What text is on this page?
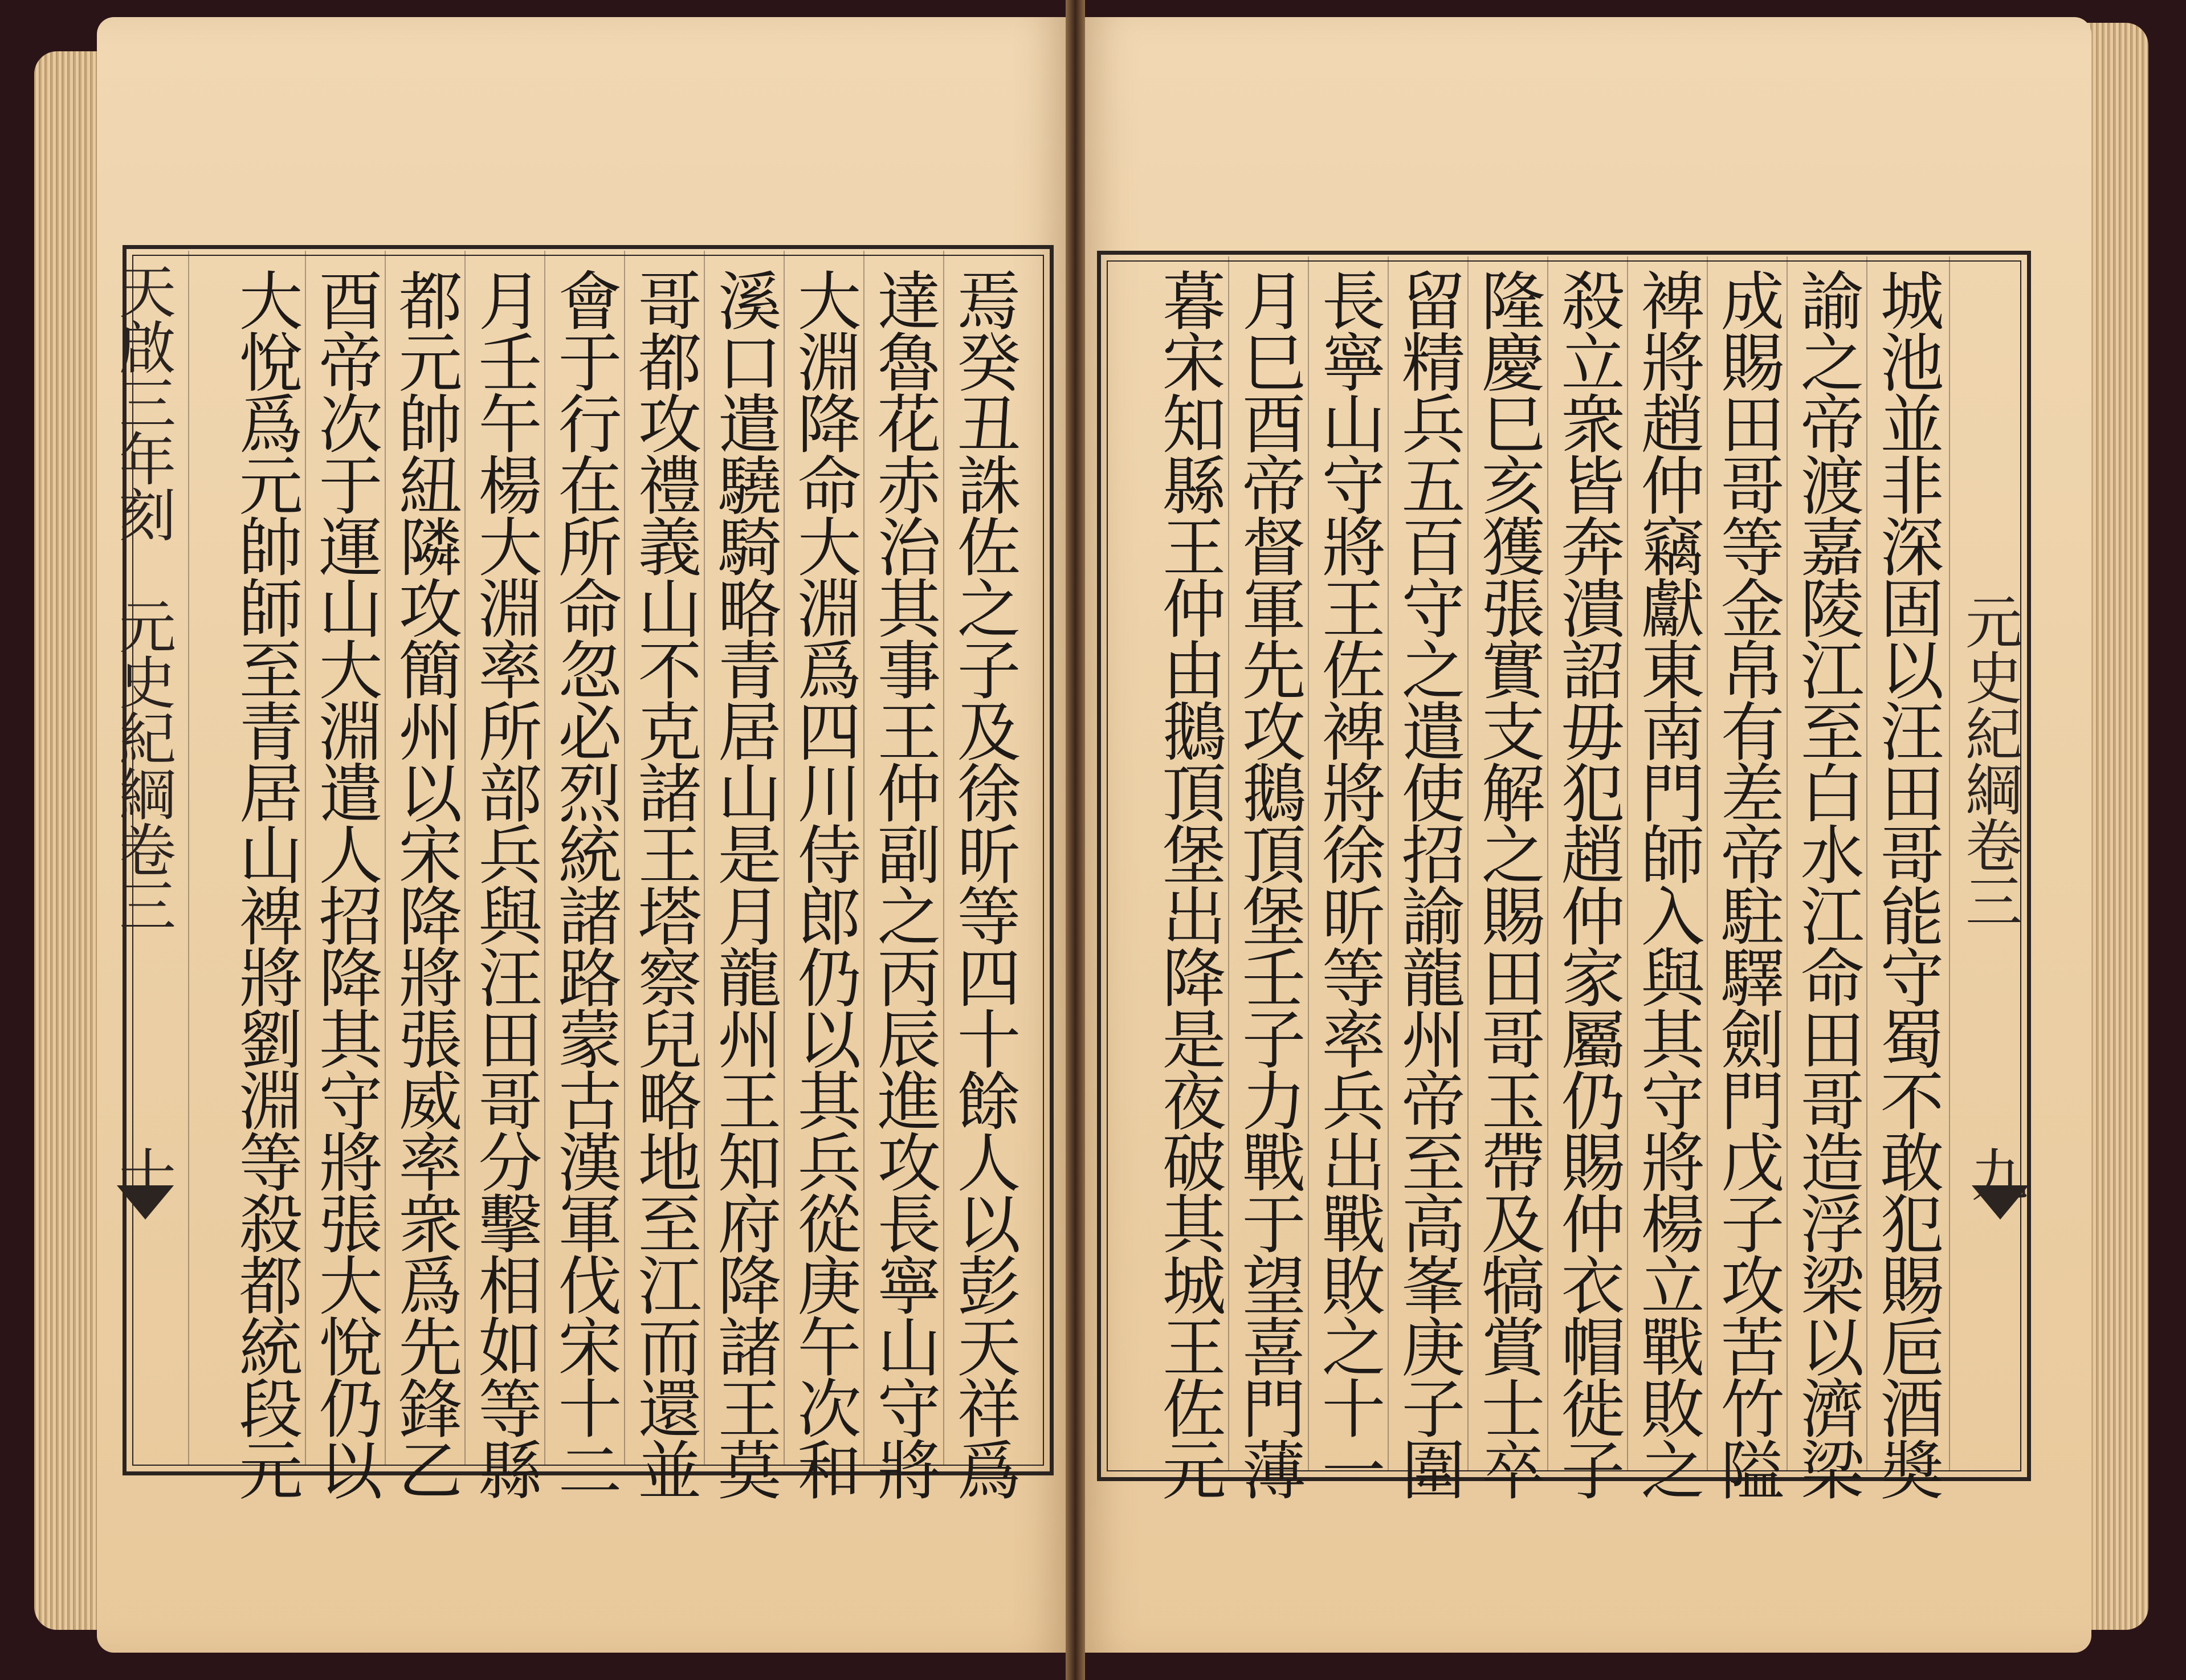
天啟三年刻　元史紀綱卷三
十	焉癸丑誅佐之子及徐昕等四十餘人以彭天祥爲
達魯花赤治其事王仲副之丙辰進攻長寧山守將
大淵降命大淵爲四川侍郎仍以其兵從庚午次和
溪口遣驍騎略青居山是月龍州王知府降諸王莫
哥都攻禮義山不克諸王塔察兒略地至江而還並
會于行在所命忽必烈統諸路蒙古漢軍伐宋十二
月壬午楊大淵率所部兵與汪田哥分擊相如等縣
都元帥紐隣攻簡州以宋降將張威率衆爲先鋒乙
酉帝次于運山大淵遣人招降其守將張大悅仍以
大悅爲元帥師至青居山裨將劉淵等殺都統段元	元史紀綱卷三
九
城池並非深固以汪田哥能守蜀不敢犯賜巵酒奬
諭之帝渡嘉陵江至白水江命田哥造浮梁以濟梁
成賜田哥等金帛有差帝駐驛劍門戊子攻苦竹隘
裨將趙仲竊獻東南門師入與其守將楊立戰敗之
殺立衆皆奔潰詔毋犯趙仲家屬仍賜仲衣帽徙子
隆慶巳亥獲張實支解之賜田哥玉帶及犒賞士卒
留精兵五百守之遣使招諭龍州帝至高峯庚子圍
長寧山守將王佐裨將徐昕等率兵出戰敗之十一
月巳酉帝督軍先攻鵝頂堡壬子力戰于望喜門薄
暮宋知縣王仲由鵝頂堡出降是夜破其城王佐元
